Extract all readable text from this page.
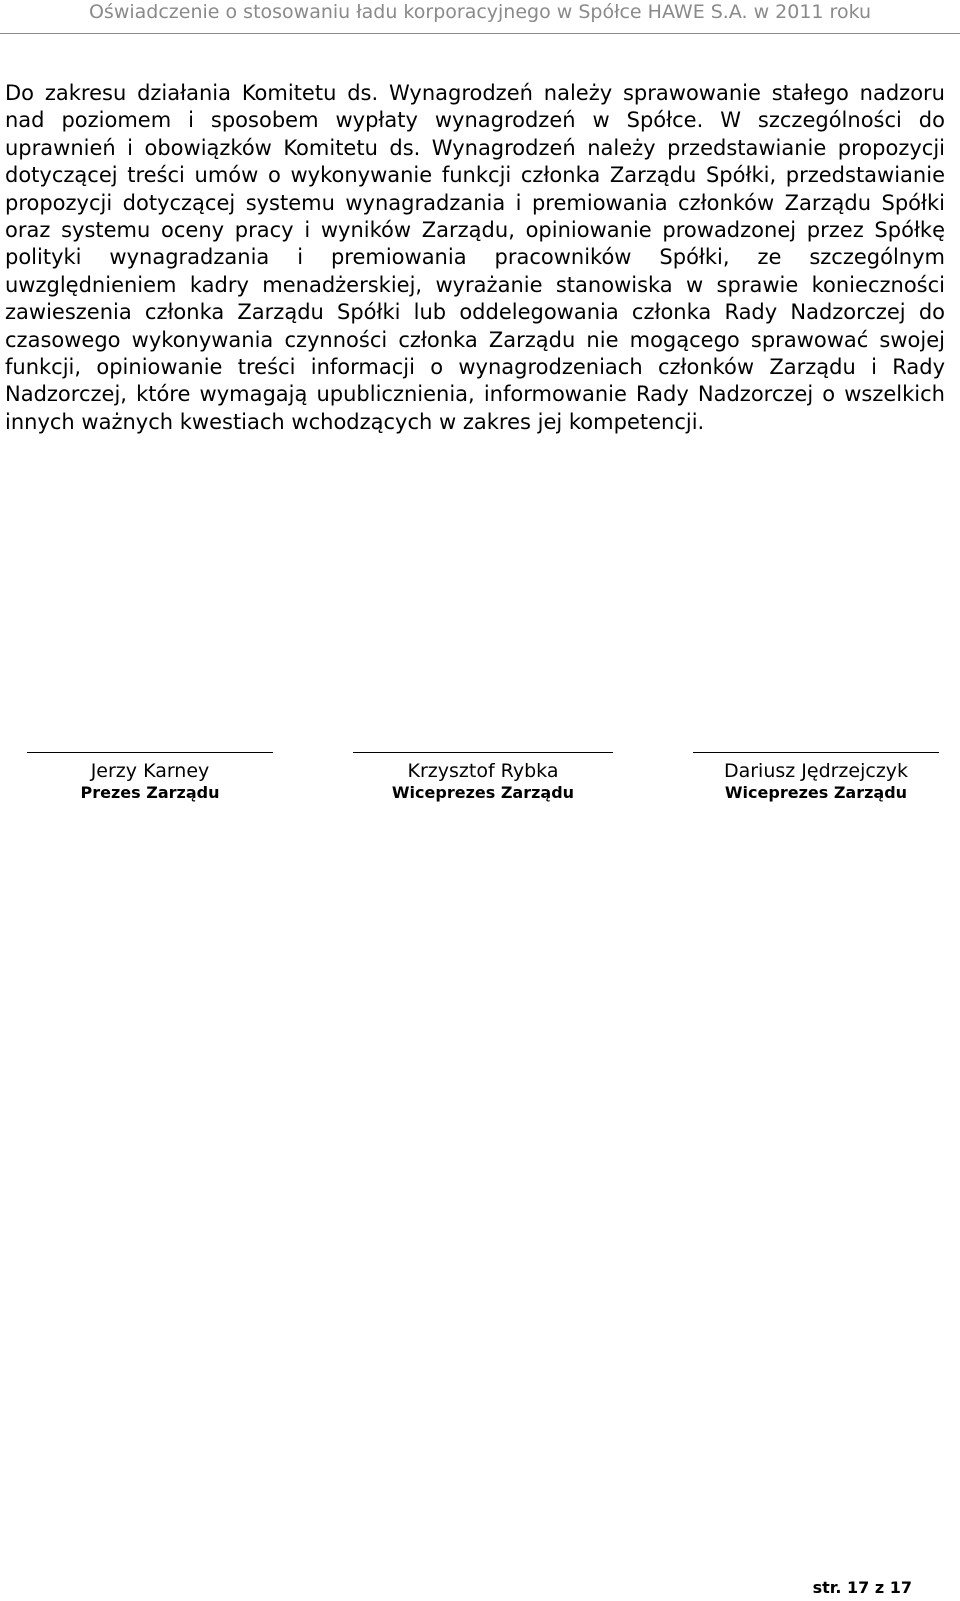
Oświadczenie o stosowaniu ładu korporacyjnego w Spółce HAWE S.A. w 2011 roku

Do zakresu działania Komitetu ds. Wynagrodzeń należy sprawowanie stałego nadzoru nad poziomem i sposobem wypłaty wynagrodzeń w Spółce. W szczególności do uprawnień i obowiązków Komitetu ds. Wynagrodzeń należy przedstawianie propozycji dotyczącej treści umów o wykonywanie funkcji członka Zarządu Spółki, przedstawianie propozycji dotyczącej systemu wynagradzania i premiowania członków Zarządu Spółki oraz systemu oceny pracy i wyników Zarządu, opiniowanie prowadzonej przez Spółkę polityki wynagradzania i premiowania pracowników Spółki, ze szczególnym uwzględnieniem kadry menadżerskiej, wyrażanie stanowiska w sprawie konieczności zawieszenia członka Zarządu Spółki lub oddelegowania członka Rady Nadzorczej do czasowego wykonywania czynności członka Zarządu nie mogącego sprawować swojej funkcji, opiniowanie treści informacji o wynagrodzeniach członków Zarządu i Rady Nadzorczej, które wymagają upublicznienia, informowanie Rady Nadzorczej o wszelkich innych ważnych kwestiach wchodzących w zakres jej kompetencji.

Jerzy Karney
Prezes Zarządu
Krzysztof Rybka
Wiceprezes Zarządu
Dariusz Jędrzejczyk
Wiceprezes Zarządu
str. 17 z 17
